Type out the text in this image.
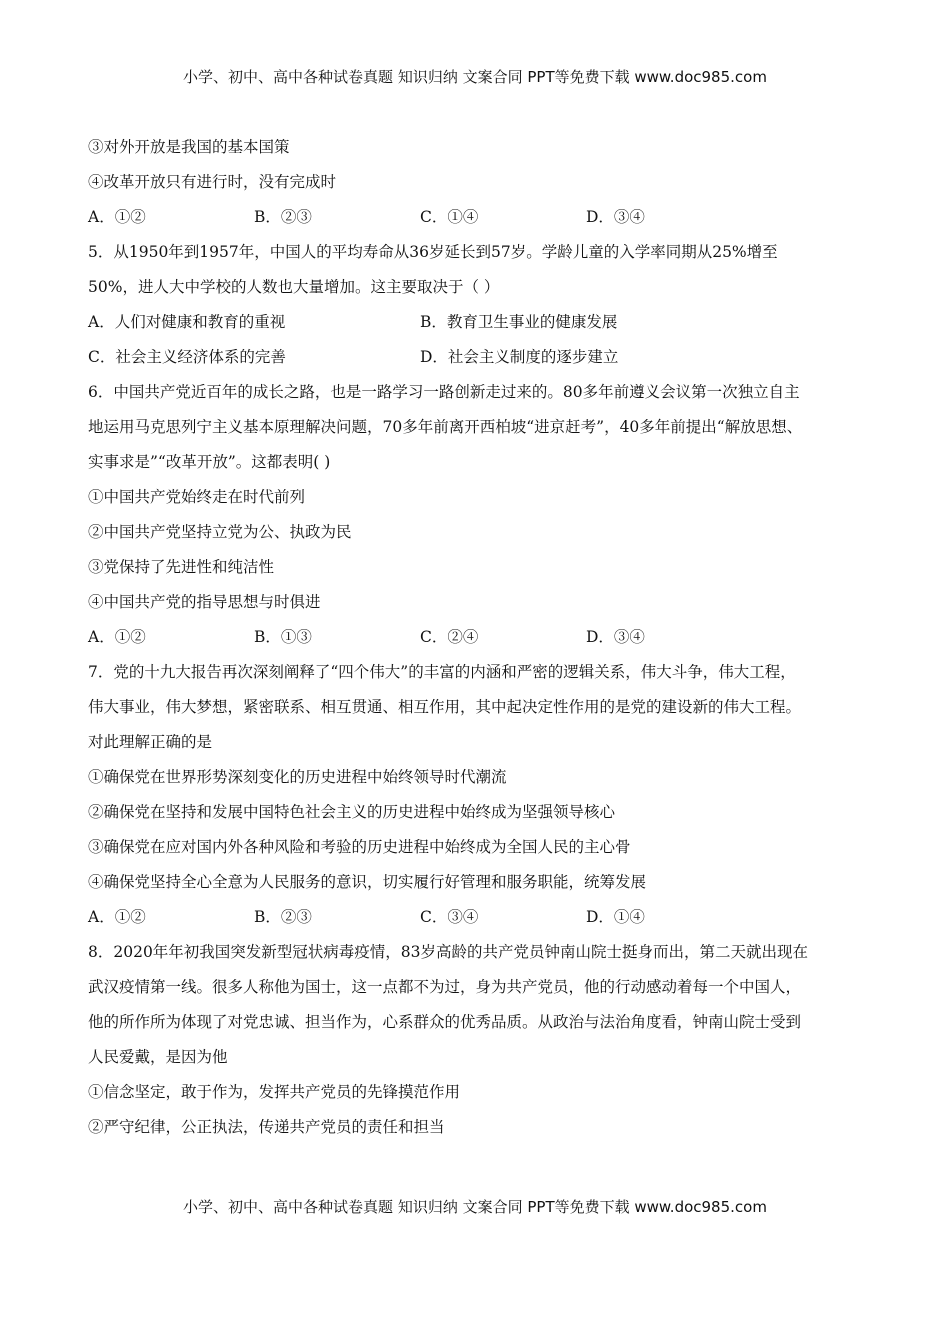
小学、初中、高中各种试卷真题 知识归纳 文案合同 PPT等免费下载 www.doc985.com
③对外开放是我国的基本国策
④改革开放只有进行时，没有完成时
A．①②	B．②③	C．①④	D．③④
5．从1950年到1957年，中国人的平均寿命从36岁延长到57岁。学龄儿童的入学率同期从25%增至
50%，进人大中学校的人数也大量增加。这主要取决于（ ）
A．人们对健康和教育的重视	B．教育卫生事业的健康发展
C．社会主义经济体系的完善	D．社会主义制度的逐步建立
6．中国共产党近百年的成长之路，也是一路学习一路创新走过来的。80多年前遵义会议第一次独立自主
地运用马克思列宁主义基本原理解决问题，70多年前离开西柏坡“进京赶考”，40多年前提出“解放思想、
实事求是”“改革开放”。这都表明( )
①中国共产党始终走在时代前列
②中国共产党坚持立党为公、执政为民
③党保持了先进性和纯洁性
④中国共产党的指导思想与时俱进
A．①②	B．①③	C．②④	D．③④
7．党的十九大报告再次深刻阐释了“四个伟大”的丰富的内涵和严密的逻辑关系，伟大斗争，伟大工程，
伟大事业，伟大梦想，紧密联系、相互贯通、相互作用，其中起决定性作用的是党的建设新的伟大工程。
对此理解正确的是
①确保党在世界形势深刻变化的历史进程中始终领导时代潮流
②确保党在坚持和发展中国特色社会主义的历史进程中始终成为坚强领导核心
③确保党在应对国内外各种风险和考验的历史进程中始终成为全国人民的主心骨
④确保党坚持全心全意为人民服务的意识，切实履行好管理和服务职能，统筹发展
A．①②	B．②③	C．③④	D．①④
8．2020年年初我国突发新型冠状病毒疫情，83岁高龄的共产党员钟南山院士挺身而出，第二天就出现在
武汉疫情第一线。很多人称他为国士，这一点都不为过，身为共产党员，他的行动感动着每一个中国人，
他的所作所为体现了对党忠诚、担当作为，心系群众的优秀品质。从政治与法治角度看，钟南山院士受到
人民爱戴，是因为他
①信念坚定，敢于作为，发挥共产党员的先锋摸范作用
②严守纪律，公正执法，传递共产党员的责任和担当
小学、初中、高中各种试卷真题 知识归纳 文案合同 PPT等免费下载 www.doc985.com
